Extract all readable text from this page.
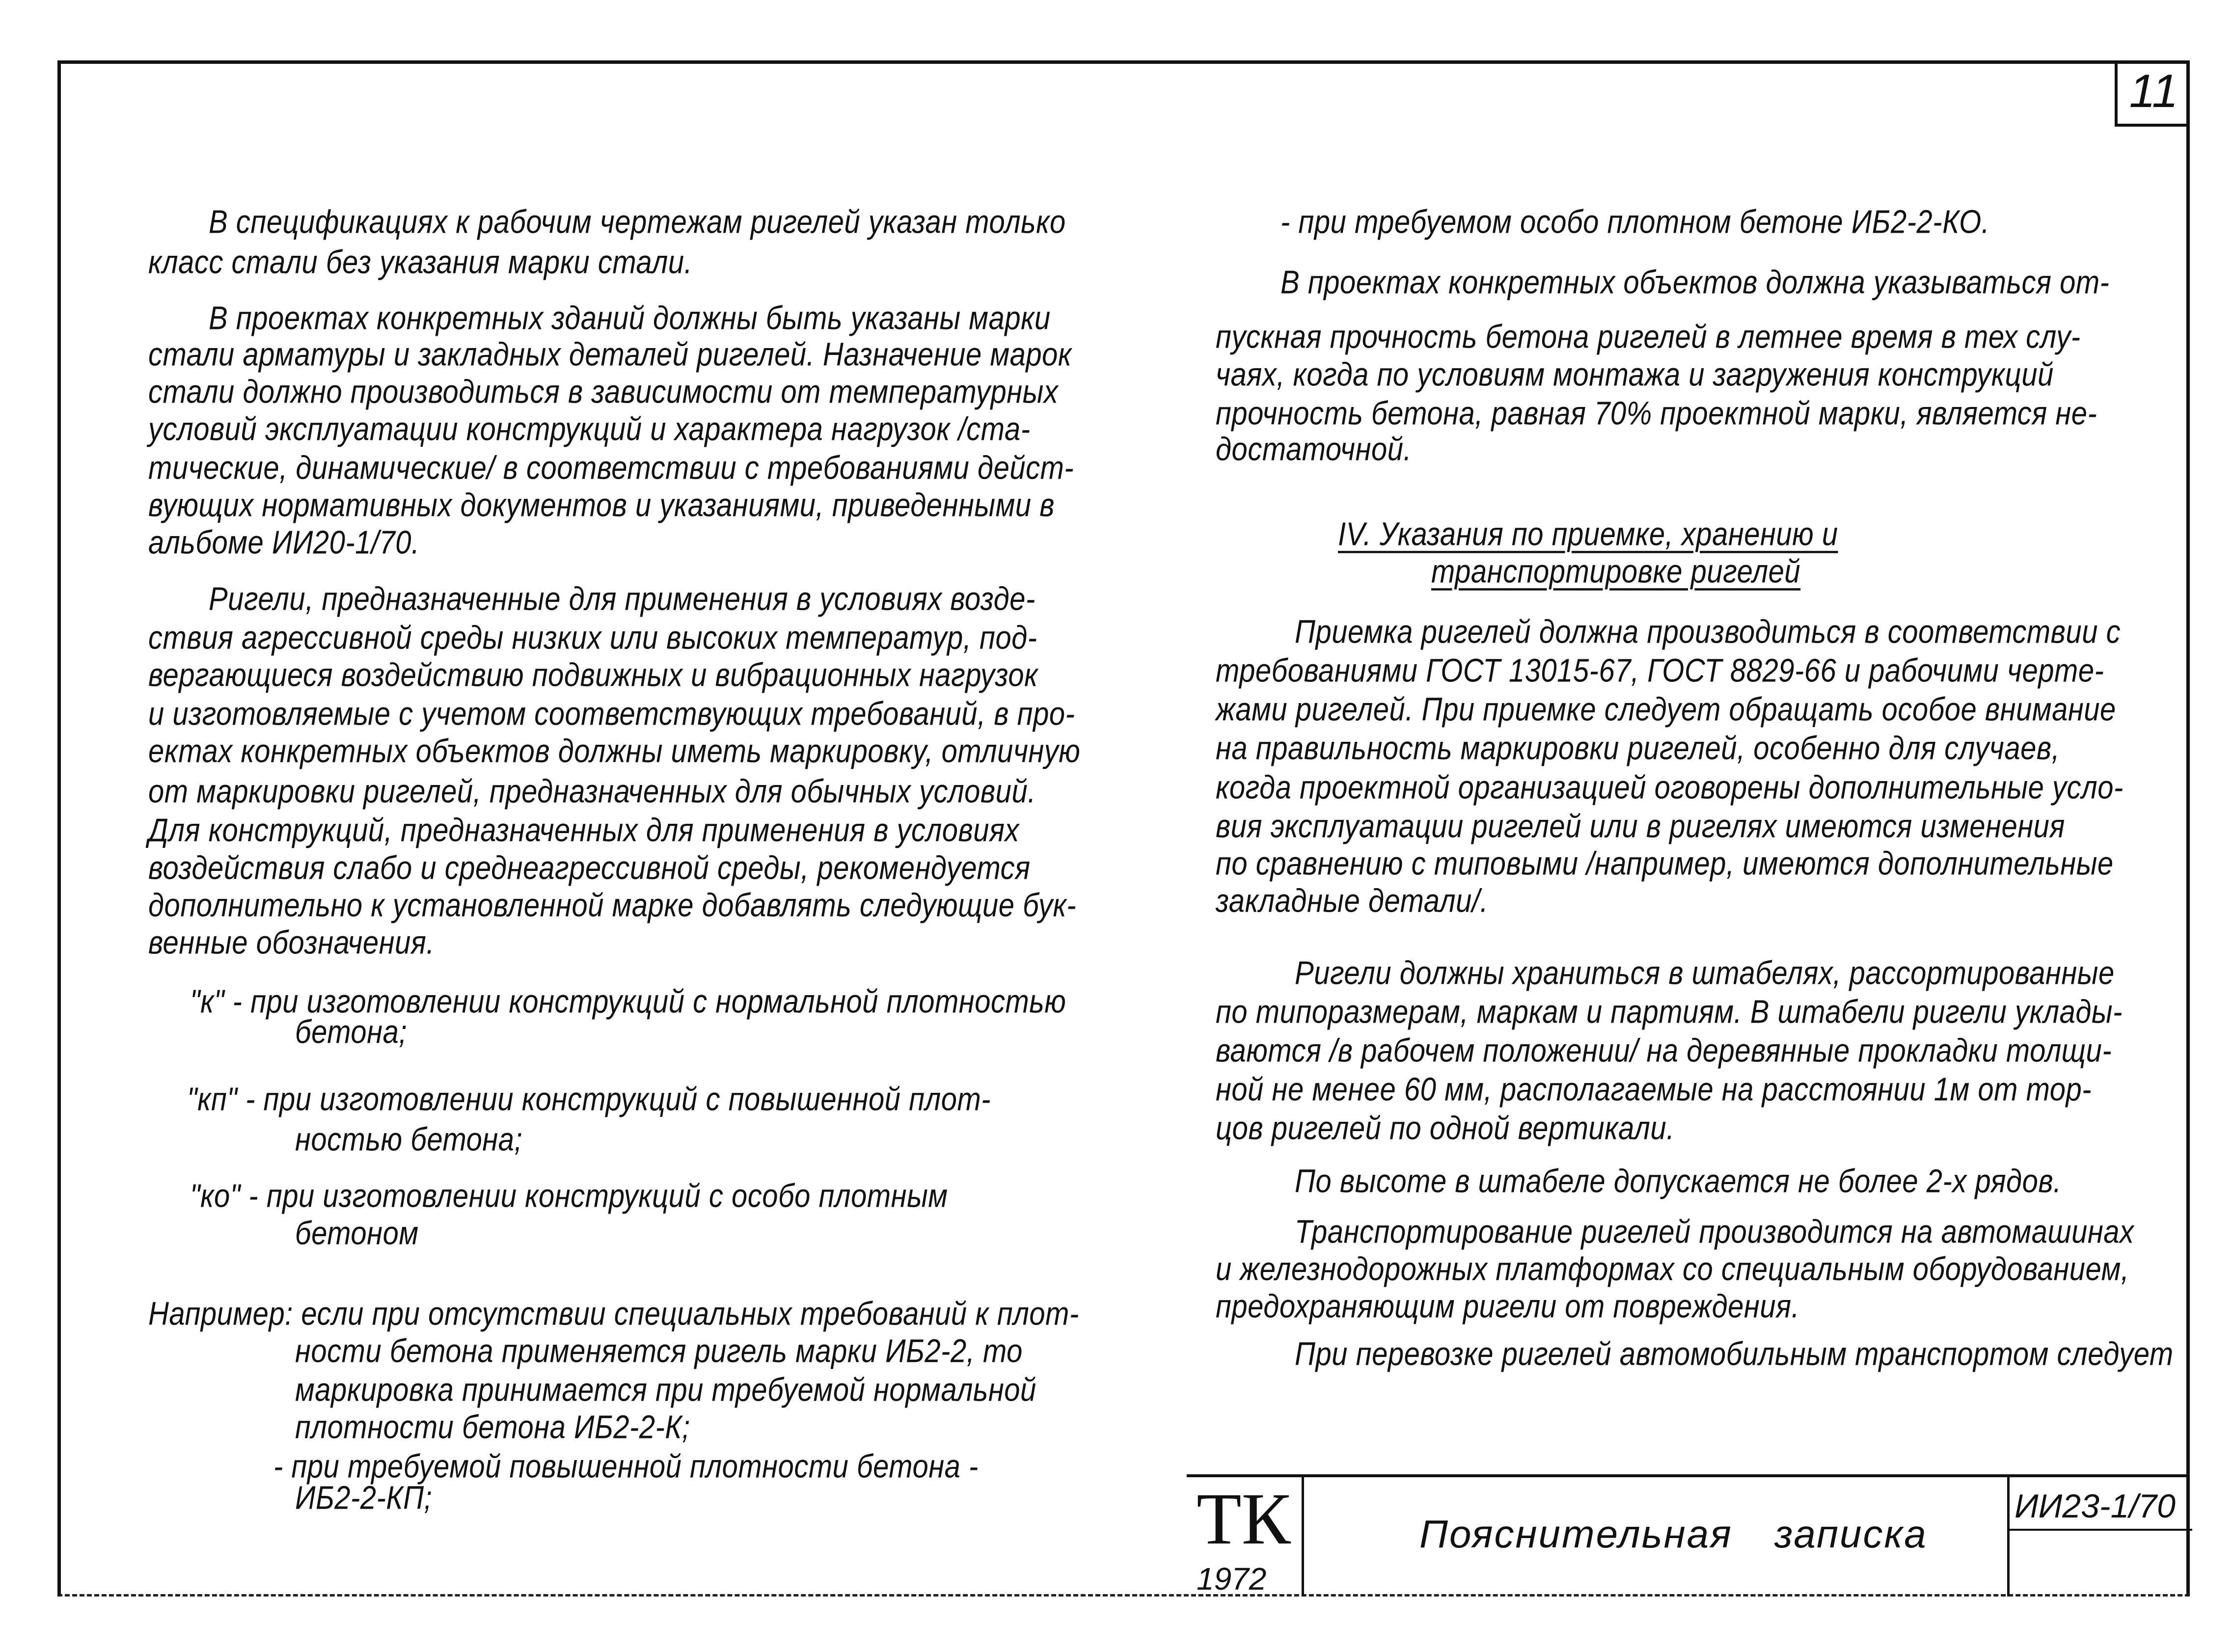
11
В спецификациях к рабочим чертежам ригелей указан только
класс стали без указания марки стали.
В проектах конкретных зданий должны быть указаны марки
стали арматуры и закладных деталей ригелей. Назначение марок
стали должно производиться в зависимости от температурных
условий эксплуатации конструкций и характера нагрузок /ста-
тические, динамические/ в соответствии с требованиями дейст-
вующих нормативных документов и указаниями, приведенными в
альбоме ИИ20-1/70.
Ригели, предназначенные для применения в условиях возде-
ствия агрессивной среды низких или высоких температур, под-
вергающиеся воздействию подвижных и вибрационных нагрузок
и изготовляемые с учетом соответствующих требований, в про-
ектах конкретных объектов должны иметь маркировку, отличную
от маркировки ригелей, предназначенных для обычных условий.
Для конструкций, предназначенных для применения в условиях
воздействия слабо и среднеагрессивной среды, рекомендуется
дополнительно к установленной марке добавлять следующие бук-
венные обозначения.
"к" - при изготовлении конструкций с нормальной плотностью
бетона;
"кп" - при изготовлении конструкций с повышенной плот-
ностью бетона;
"ко" - при изготовлении конструкций с особо плотным
бетоном
Например: если при отсутствии специальных требований к плот-
ности бетона применяется ригель марки ИБ2-2, то
маркировка принимается при требуемой нормальной
плотности бетона ИБ2-2-К;
- при требуемой повышенной плотности бетона -
ИБ2-2-КП;
- при требуемом особо плотном бетоне ИБ2-2-КО.
В проектах конкретных объектов должна указываться от-
пускная прочность бетона ригелей в летнее время в тех слу-
чаях, когда по условиям монтажа и загружения конструкций
прочность бетона, равная 70% проектной марки, является не-
достаточной.
IV. Указания по приемке, хранению и
транспортировке ригелей
Приемка ригелей должна производиться в соответствии с
требованиями ГОСТ 13015-67, ГОСТ 8829-66 и рабочими черте-
жами ригелей. При приемке следует обращать особое внимание
на правильность маркировки ригелей, особенно для случаев,
когда проектной организацией оговорены дополнительные усло-
вия эксплуатации ригелей или в ригелях имеются изменения
по сравнению с типовыми /например, имеются дополнительные
закладные детали/.
Ригели должны храниться в штабелях, рассортированные
по типоразмерам, маркам и партиям. В штабели ригели уклады-
ваются /в рабочем положении/ на деревянные прокладки толщи-
ной не менее 60 мм, располагаемые на расстоянии 1м от тор-
цов ригелей по одной вертикали.
По высоте в штабеле допускается не более 2-х рядов.
Транспортирование ригелей производится на автомашинах
и железнодорожных платформах со специальным оборудованием,
предохраняющим ригели от повреждения.
При перевозке ригелей автомобильным транспортом следует
ТК
1972
Пояснительная записка
ИИ23-1/70
